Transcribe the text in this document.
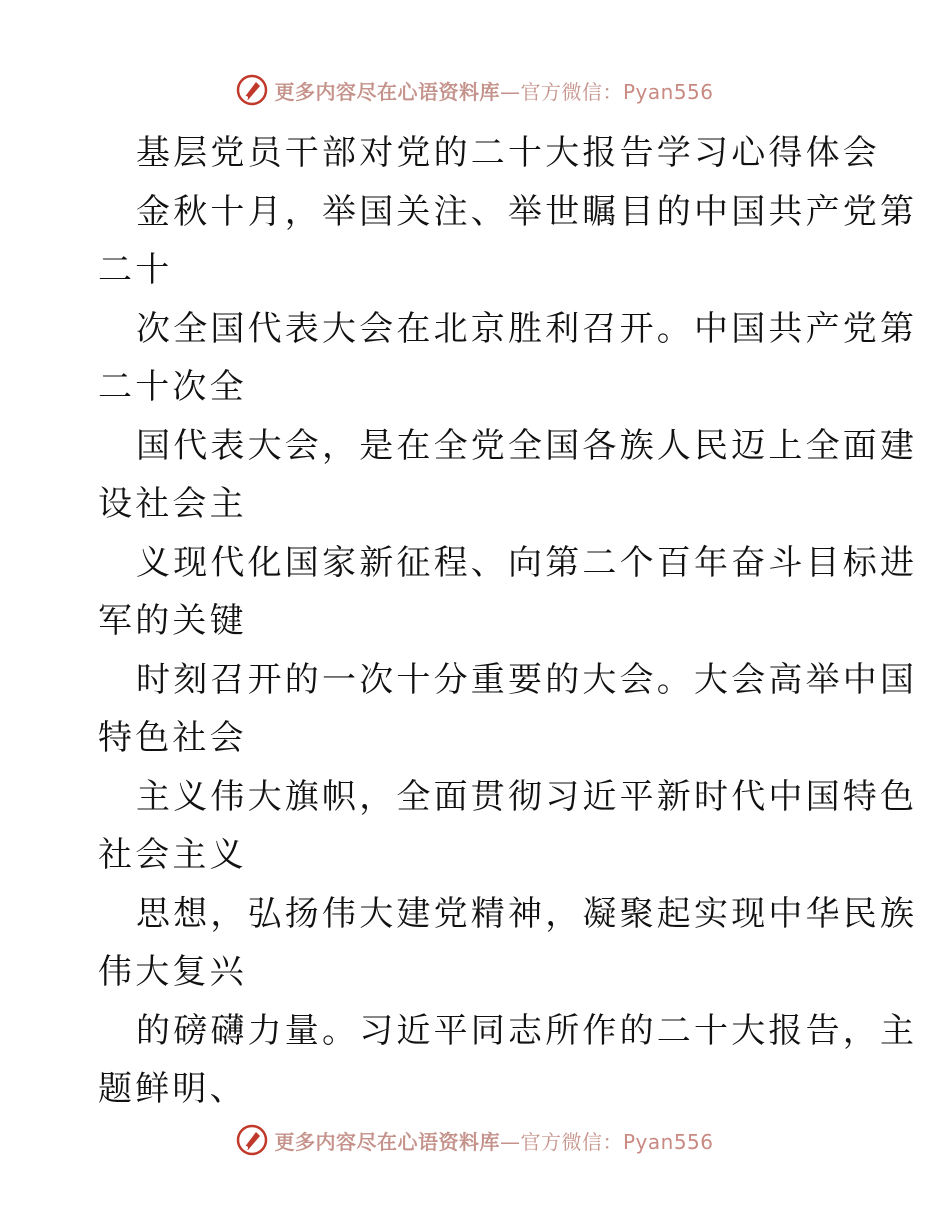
更多内容尽在心语资料库—官方微信：Pyan556
基层党员干部对党的二十大报告学习心得体会
金秋十月，举国关注、举世瞩目的中国共产党第
二十
次全国代表大会在北京胜利召开。中国共产党第
二十次全
国代表大会，是在全党全国各族人民迈上全面建
设社会主
义现代化国家新征程、向第二个百年奋斗目标进
军的关键
时刻召开的一次十分重要的大会。大会高举中国
特色社会
主义伟大旗帜，全面贯彻习近平新时代中国特色
社会主义
思想，弘扬伟大建党精神，凝聚起实现中华民族
伟大复兴
的磅礴力量。习近平同志所作的二十大报告，主
题鲜明、
更多内容尽在心语资料库—官方微信：Pyan556
